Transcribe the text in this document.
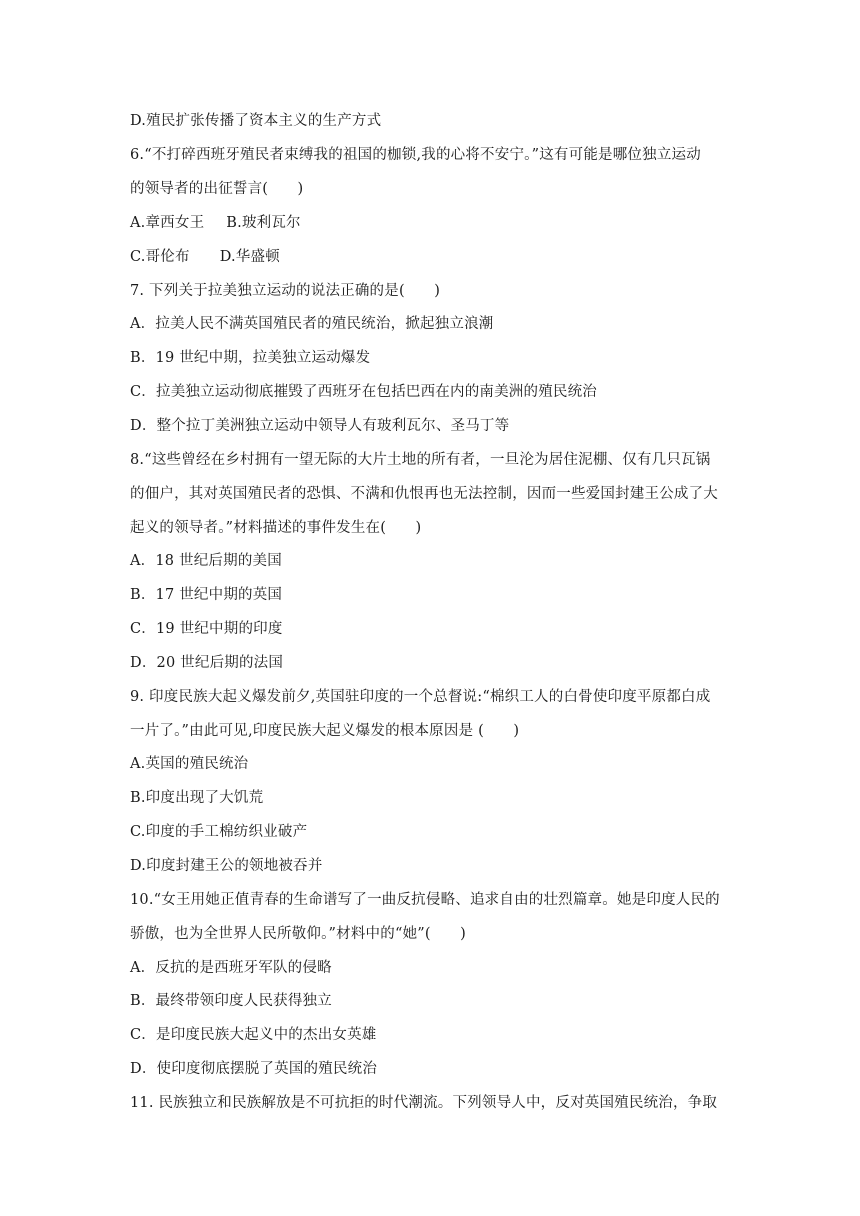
D.殖民扩张传播了资本主义的生产方式
6.“不打碎西班牙殖民者束缚我的祖国的枷锁,我的心将不安宁。”这有可能是哪位独立运动
的领导者的出征誓言(　　)
A.章西女王 B.玻利瓦尔
C.哥伦布 D.华盛顿
7. 下列关于拉美独立运动的说法正确的是(　　)
A．拉美人民不满英国殖民者的殖民统治，掀起独立浪潮
B．19 世纪中期，拉美独立运动爆发
C．拉美独立运动彻底摧毁了西班牙在包括巴西在内的南美洲的殖民统治
D．整个拉丁美洲独立运动中领导人有玻利瓦尔、圣马丁等
8.“这些曾经在乡村拥有一望无际的大片土地的所有者，一旦沦为居住泥棚、仅有几只瓦锅
的佃户，其对英国殖民者的恐惧、不满和仇恨再也无法控制，因而一些爱国封建王公成了大
起义的领导者。”材料描述的事件发生在(　　)
A．18 世纪后期的美国
B．17 世纪中期的英国
C．19 世纪中期的印度
D．20 世纪后期的法国
9. 印度民族大起义爆发前夕,英国驻印度的一个总督说:“棉织工人的白骨使印度平原都白成
一片了。”由此可见,印度民族大起义爆发的根本原因是 (　　)
A.英国的殖民统治
B.印度出现了大饥荒
C.印度的手工棉纺织业破产
D.印度封建王公的领地被吞并
10.“女王用她正值青春的生命谱写了一曲反抗侵略、追求自由的壮烈篇章。她是印度人民的
骄傲，也为全世界人民所敬仰。”材料中的“她”(　　)
A．反抗的是西班牙军队的侵略
B．最终带领印度人民获得独立
C．是印度民族大起义中的杰出女英雄
D．使印度彻底摆脱了英国的殖民统治
11. 民族独立和民族解放是不可抗拒的时代潮流。下列领导人中，反对英国殖民统治，争取
